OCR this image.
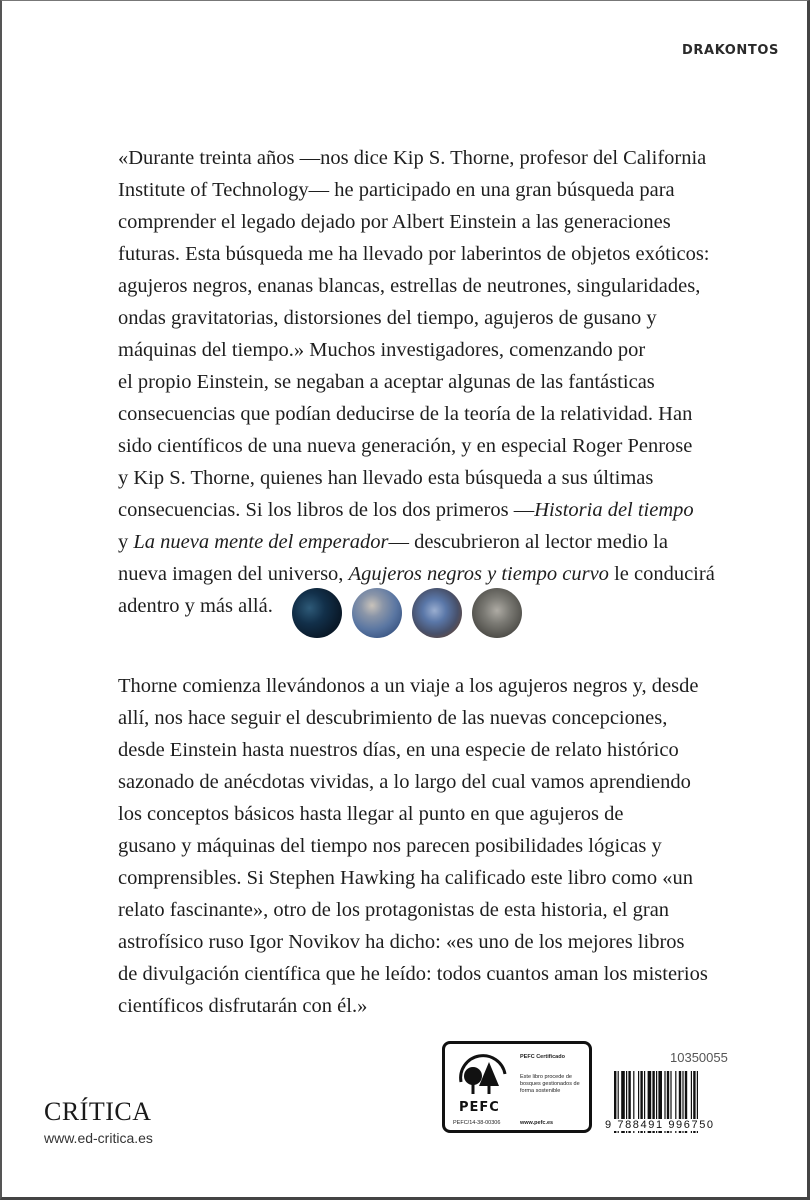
DRAKONTOS
«Durante treinta años —nos dice Kip S. Thorne, profesor del California
Institute of Technology— he participado en una gran búsqueda para
comprender el legado dejado por Albert Einstein a las generaciones
futuras. Esta búsqueda me ha llevado por laberintos de objetos exóticos:
agujeros negros, enanas blancas, estrellas de neutrones, singularidades,
ondas gravitatorias, distorsiones del tiempo, agujeros de gusano y
máquinas del tiempo.» Muchos investigadores, comenzando por
el propio Einstein, se negaban a aceptar algunas de las fantásticas
consecuencias que podían deducirse de la teoría de la relatividad. Han
sido científicos de una nueva generación, y en especial Roger Penrose
y Kip S. Thorne, quienes han llevado esta búsqueda a sus últimas
consecuencias. Si los libros de los dos primeros —Historia del tiempo
y La nueva mente del emperador— descubrieron al lector medio la
nueva imagen del universo, Agujeros negros y tiempo curvo le conducirá
adentro y más allá.
Thorne comienza llevándonos a un viaje a los agujeros negros y, desde
allí, nos hace seguir el descubrimiento de las nuevas concepciones,
desde Einstein hasta nuestros días, en una especie de relato histórico
sazonado de anécdotas vividas, a lo largo del cual vamos aprendiendo
los conceptos básicos hasta llegar al punto en que agujeros de
gusano y máquinas del tiempo nos parecen posibilidades lógicas y
comprensibles. Si Stephen Hawking ha calificado este libro como «un
relato fascinante», otro de los protagonistas de esta historia, el gran
astrofísico ruso Igor Novikov ha dicho: «es uno de los mejores libros
de divulgación científica que he leído: todos cuantos aman los misterios
científicos disfrutarán con él.»
CRÍTICA
www.ed-critica.es
PEFC
PEFC/14-38-00306
PEFC Certificado
Este libro procede de bosques gestionados de forma sostenible
www.pefc.es
10350055
9 788491 996750
